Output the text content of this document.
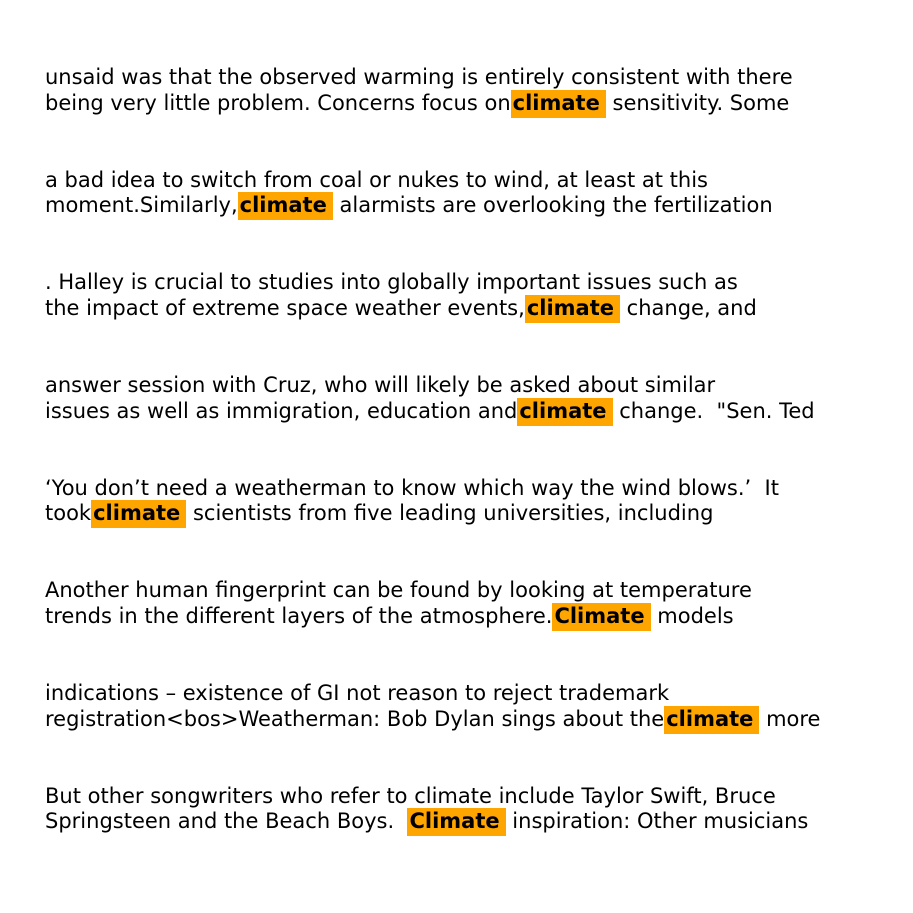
unsaid was that the observed warming is entirely consistent with there
being very little problem. Concerns focus onclimate sensitivity. Some

a bad idea to switch from coal or nukes to wind, at least at this
moment.Similarly,climate alarmists are overlooking the fertilization

. Halley is crucial to studies into globally important issues such as
the impact of extreme space weather events,climate change, and

answer session with Cruz, who will likely be asked about similar
issues as well as immigration, education andclimate change.  "Sen. Ted

‘You don’t need a weatherman to know which way the wind blows.’  It
tookclimate scientists from five leading universities, including

Another human fingerprint can be found by looking at temperature
trends in the different layers of the atmosphere.Climate models

indications – existence of GI not reason to reject trademark
registration<bos>Weatherman: Bob Dylan sings about theclimate more

But other songwriters who refer to climate include Taylor Swift, Bruce
Springsteen and the Beach Boys.  Climate inspiration: Other musicians
